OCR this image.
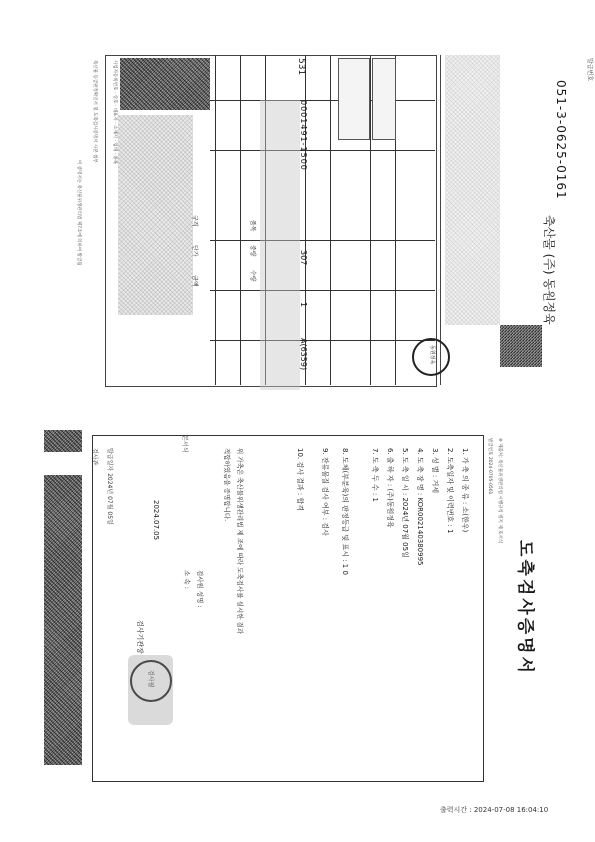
사업자등록번호 · 상호 · 대표자 · 소재지 · 업태 · 종목
축산물 등급판정확인서 및 도축검사증명서 사본 첨부
이 증명서는 축산물위생관리법 제7조에 의하여 발급됨	품목
중량
수량
규격
단가
금액
531
0001491-1500
307
1
A(6359)
051-3-0625-0161
축산물 (주) 동원정육
발급번호
동원정육
도축검사증명서
※ 제출처: 축산물위생관리법 시행규칙 별지 제 호서식
발급번호 2024-0705-0561
1. 가 축 의 종 류 : 소(한우)
2. 도축일자 및 이력번호 : 1
3. 성 별 : 거세
4. 도 축 장 명 : KOR002140380995
5. 도 축 일 시 : 2024년 07월 05일
6. 출 하 자 : (주)동원정육
7. 도 축 두 수 : 1
8. 도체(부분육)의 판정등급 및 표시 : 1 0
9. 잔류물질 검사 여부 : 검사
10. 검사 결과 : 합격
위 가축은 축산물위생관리법 제 조에 따라 도축검사를 실시한 결과
적합하였음을 증명합니다.
검사원 성명 :
소 속 :
2024.07.05
검사기관장
발급일자 2024년 07월 05일
검사관
본서식
검사필
출력시간 : 2024-07-08 16:04:10
